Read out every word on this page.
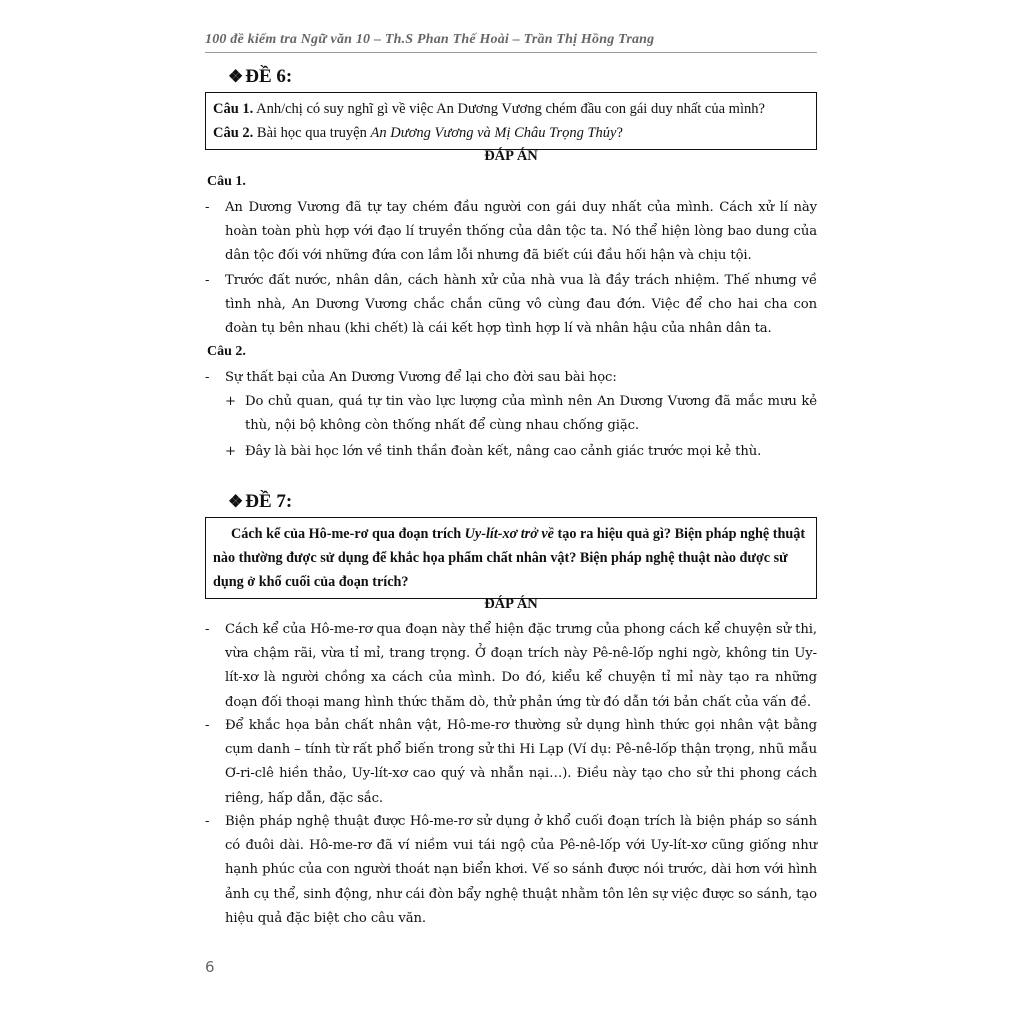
100 đề kiểm tra Ngữ văn 10 – Th.S Phan Thế Hoài – Trần Thị Hồng Trang
❖ ĐỀ 6:
Câu 1. Anh/chị có suy nghĩ gì về việc An Dương Vương chém đầu con gái duy nhất của mình?
Câu 2. Bài học qua truyện An Dương Vương và Mị Châu Trọng Thủy?
ĐÁP ÁN
Câu 1.
- An Dương Vương đã tự tay chém đầu người con gái duy nhất của mình. Cách xử lí này hoàn toàn phù hợp với đạo lí truyền thống của dân tộc ta. Nó thể hiện lòng bao dung của dân tộc đối với những đứa con lầm lỗi nhưng đã biết cúi đầu hối hận và chịu tội.
- Trước đất nước, nhân dân, cách hành xử của nhà vua là đầy trách nhiệm. Thế nhưng về tình nhà, An Dương Vương chắc chắn cũng vô cùng đau đớn. Việc để cho hai cha con đoàn tụ bên nhau (khi chết) là cái kết hợp tình hợp lí và nhân hậu của nhân dân ta.
Câu 2.
- Sự thất bại của An Dương Vương để lại cho đời sau bài học:
+ Do chủ quan, quá tự tin vào lực lượng của mình nên An Dương Vương đã mắc mưu kẻ thù, nội bộ không còn thống nhất để cùng nhau chống giặc.
+ Đây là bài học lớn về tinh thần đoàn kết, nâng cao cảnh giác trước mọi kẻ thù.
❖ ĐỀ 7:
Cách kể của Hô-me-rơ qua đoạn trích Uy-lít-xơ trở về tạo ra hiệu quả gì? Biện pháp nghệ thuật nào thường được sử dụng để khắc họa phẩm chất nhân vật? Biện pháp nghệ thuật nào được sử dụng ở khổ cuối của đoạn trích?
ĐÁP ÁN
- Cách kể của Hô-me-rơ qua đoạn này thể hiện đặc trưng của phong cách kể chuyện sử thi, vừa chậm rãi, vừa tỉ mỉ, trang trọng. Ở đoạn trích này Pê-nê-lốp nghi ngờ, không tin Uy-lít-xơ là người chồng xa cách của mình. Do đó, kiểu kể chuyện tỉ mỉ này tạo ra những đoạn đối thoại mang hình thức thăm dò, thử phản ứng từ đó dẫn tới bản chất của vấn đề.
- Để khắc họa bản chất nhân vật, Hô-me-rơ thường sử dụng hình thức gọi nhân vật bằng cụm danh – tính từ rất phổ biến trong sử thi Hi Lạp (Ví dụ: Pê-nê-lốp thận trọng, nhũ mẫu Ơ-ri-clê hiền thảo, Uy-lít-xơ cao quý và nhẫn nại…). Điều này tạo cho sử thi phong cách riêng, hấp dẫn, đặc sắc.
- Biện pháp nghệ thuật được Hô-me-rơ sử dụng ở khổ cuối đoạn trích là biện pháp so sánh có đuôi dài. Hô-me-rơ đã ví niềm vui tái ngộ của Pê-nê-lốp với Uy-lít-xơ cũng giống như hạnh phúc của con người thoát nạn biển khơi. Vế so sánh được nói trước, dài hơn với hình ảnh cụ thể, sinh động, như cái đòn bẩy nghệ thuật nhằm tôn lên sự việc được so sánh, tạo hiệu quả đặc biệt cho câu văn.
6
